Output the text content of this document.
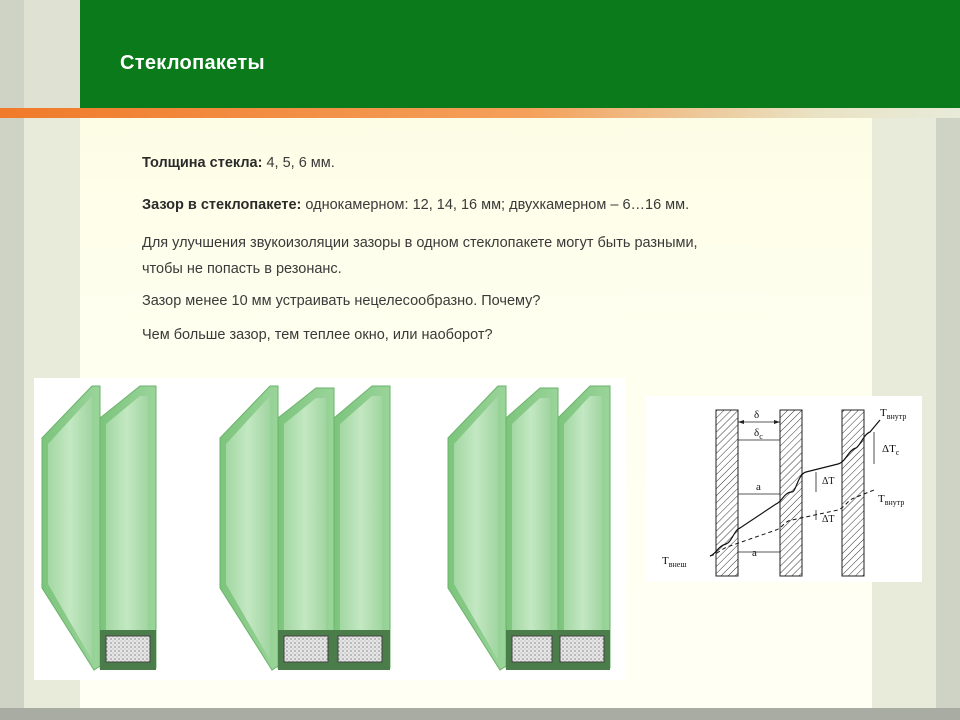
Стеклопакеты

Толщина стекла: 4, 5, 6 мм.

Зазор в стеклопакете: однокамерном: 12, 14, 16 мм; двухкамерном – 6…16 мм.

Для улучшения звукоизоляции зазоры в одном стеклопакете могут быть разными,
чтобы не попасть в резонанс.

Зазор менее 10 мм устраивать нецелесообразно. Почему?

Чем больше зазор, тем теплее окно, или наоборот?

δ
$\delta_с$
$T_{внутр}$
$\Delta T_с$
ΔT
ΔT
а
а
$T_{внутр}$
$T_{внеш}$
